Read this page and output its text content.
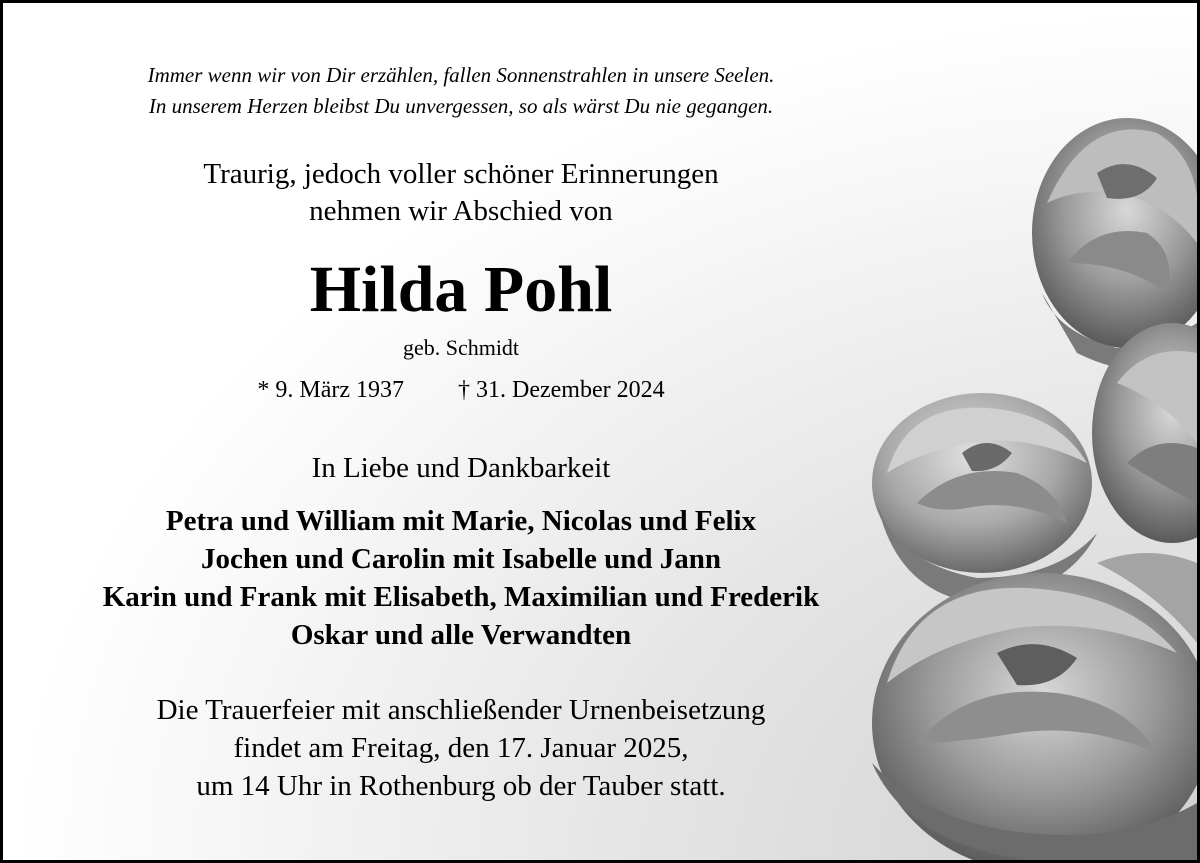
Immer wenn wir von Dir erzählen, fallen Sonnenstrahlen in unsere Seelen.
In unserem Herzen bleibst Du unvergessen, so als wärst Du nie gegangen.
Traurig, jedoch voller schöner Erinnerungen
nehmen wir Abschied von
Hilda Pohl
geb. Schmidt
* 9. März 1937 † 31. Dezember 2024
In Liebe und Dankbarkeit
Petra und William mit Marie, Nicolas und Felix
Jochen und Carolin mit Isabelle und Jann
Karin und Frank mit Elisabeth, Maximilian und Frederik
Oskar und alle Verwandten
Die Trauerfeier mit anschließender Urnenbeisetzung
findet am Freitag, den 17. Januar 2025,
um 14 Uhr in Rothenburg ob der Tauber statt.
